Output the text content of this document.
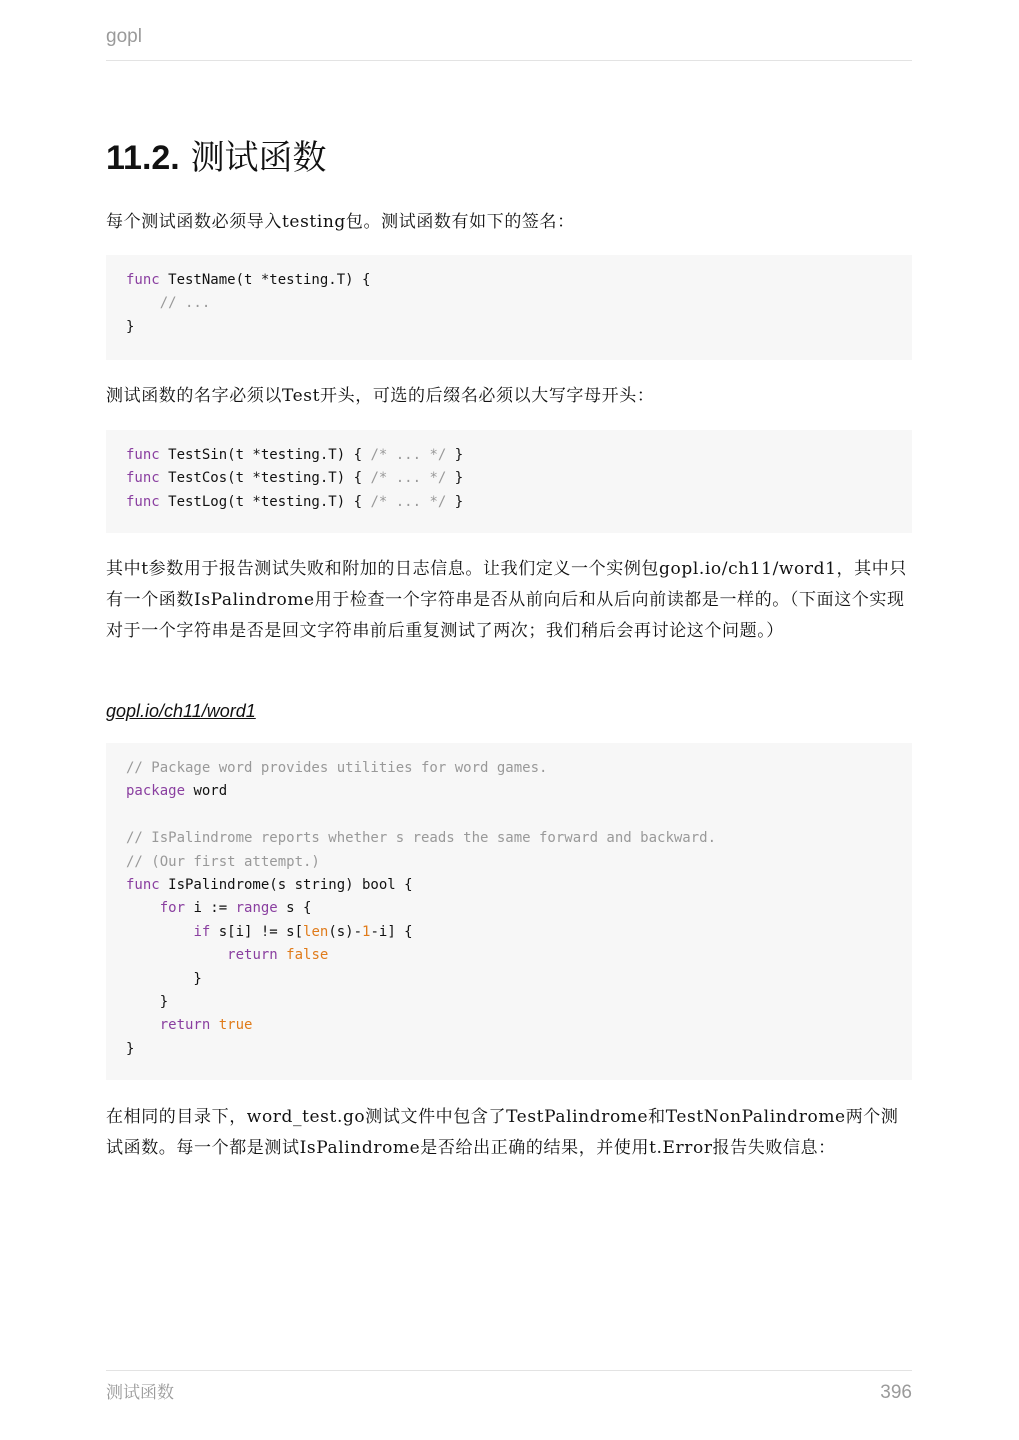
gopl
11.2. 测试函数

每个测试函数必须导入testing包。测试函数有如下的签名：

func TestName(t *testing.T) {
// ...
}

测试函数的名字必须以Test开头，可选的后缀名必须以大写字母开头：

func TestSin(t *testing.T) { /* ... */ }
func TestCos(t *testing.T) { /* ... */ }
func TestLog(t *testing.T) { /* ... */ }

其中t参数用于报告测试失败和附加的日志信息。让我们定义一个实例包gopl.io/ch11/word1，其中只有一个函数IsPalindrome用于检查一个字符串是否从前向后和从后向前读都是一样的。（下面这个实现对于一个字符串是否是回文字符串前后重复测试了两次；我们稍后会再讨论这个问题。）

gopl.io/ch11/word1
// Package word provides utilities for word games.
package word
// IsPalindrome reports whether s reads the same forward and backward.
// (Our first attempt.)
func IsPalindrome(s string) bool {
for i := range s {
if s[i] != s[len(s)-1-i] {
return false
}
}
return true
}

在相同的目录下，word_test.go测试文件中包含了TestPalindrome和TestNonPalindrome两个测试函数。每一个都是测试IsPalindrome是否给出正确的结果，并使用t.Error报告失败信息：

测试函数	396
